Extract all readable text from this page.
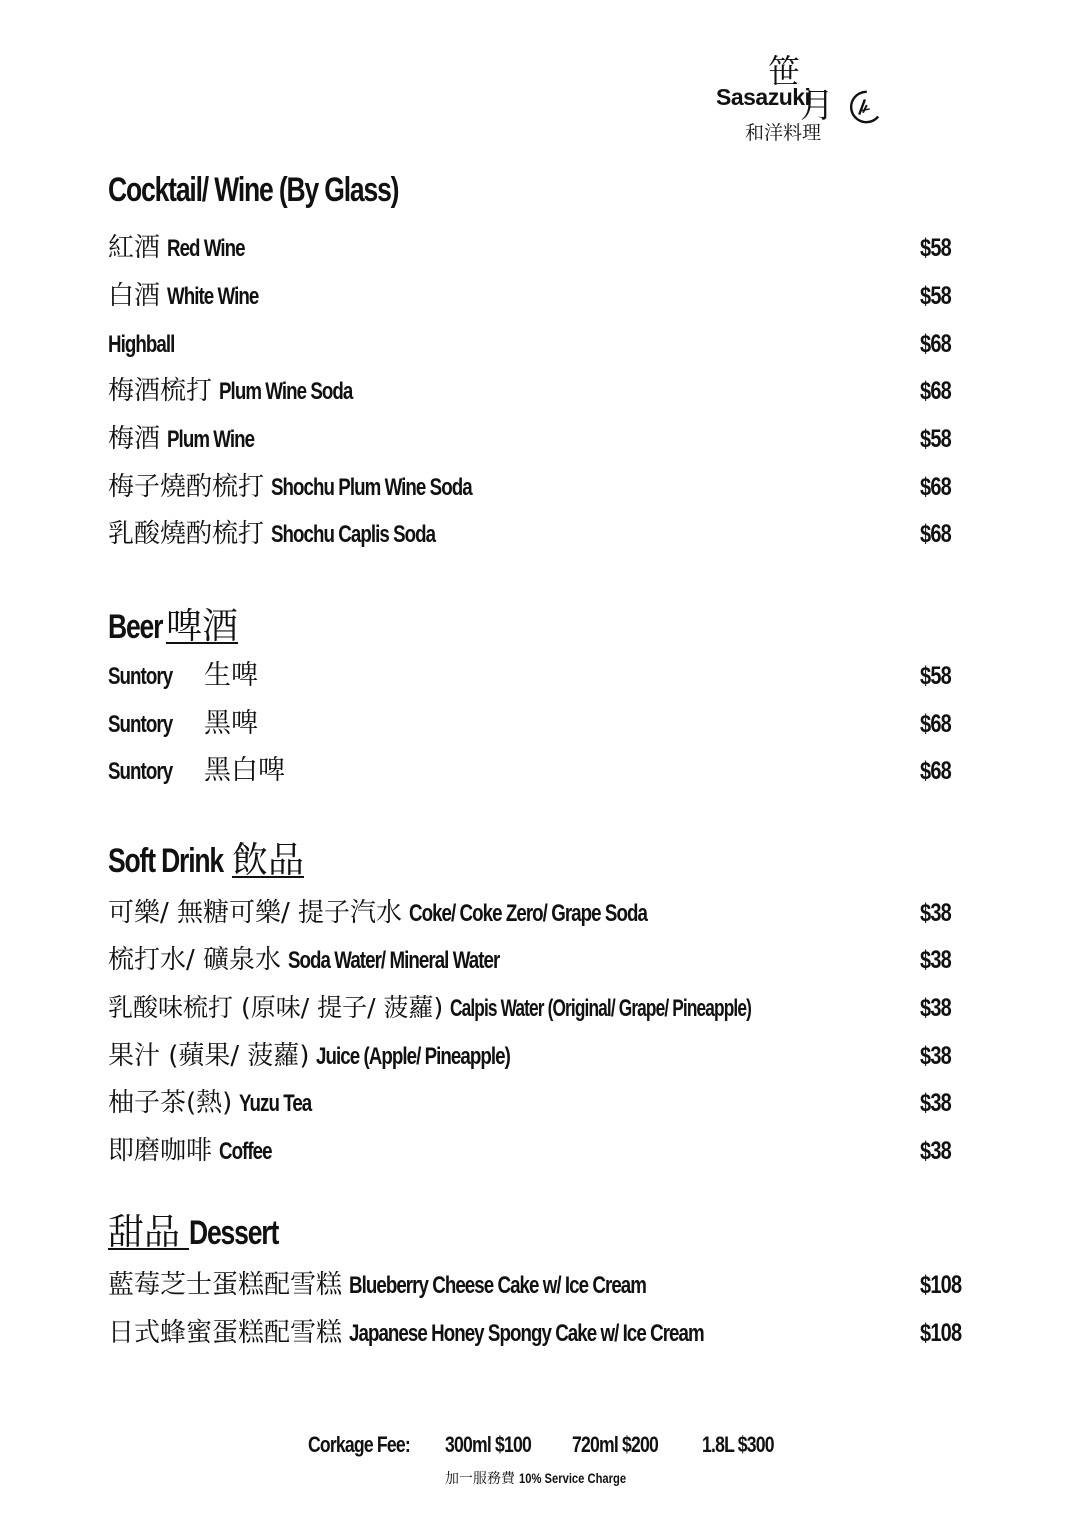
笹
Sasazuki
月
和洋料理
Cocktail/ Wine (By Glass)
紅酒 Red Wine	$58
白酒 White Wine	$58
Highball	$68
梅酒梳打 Plum Wine Soda	$68
梅酒 Plum Wine	$58
梅子燒酌梳打 Shochu Plum Wine Soda	$68
乳酸燒酌梳打 Shochu Caplis Soda	$68
Beer 啤酒
Suntory	生啤	$58
Suntory	黑啤	$68
Suntory	黑白啤	$68
Soft Drink 飲品
可樂/ 無糖可樂/ 提子汽水 Coke/ Coke Zero/ Grape Soda	$38
梳打水/ 礦泉水 Soda Water/ Mineral Water	$38
乳酸味梳打 (原味/ 提子/ 菠蘿) Calpis Water (Original/ Grape/ Pineapple)	$38
果汁 (蘋果/ 菠蘿) Juice (Apple/ Pineapple)	$38
柚子茶(熱) Yuzu Tea	$38
即磨咖啡 Coffee	$38
甜品 Dessert
藍莓芝士蛋糕配雪糕 Blueberry Cheese Cake w/ Ice Cream	$108
日式蜂蜜蛋糕配雪糕 Japanese Honey Spongy Cake w/ Ice Cream	$108
Corkage Fee: 300ml $100 720ml $200 1.8L $300
加一服務費 10% Service Charge
